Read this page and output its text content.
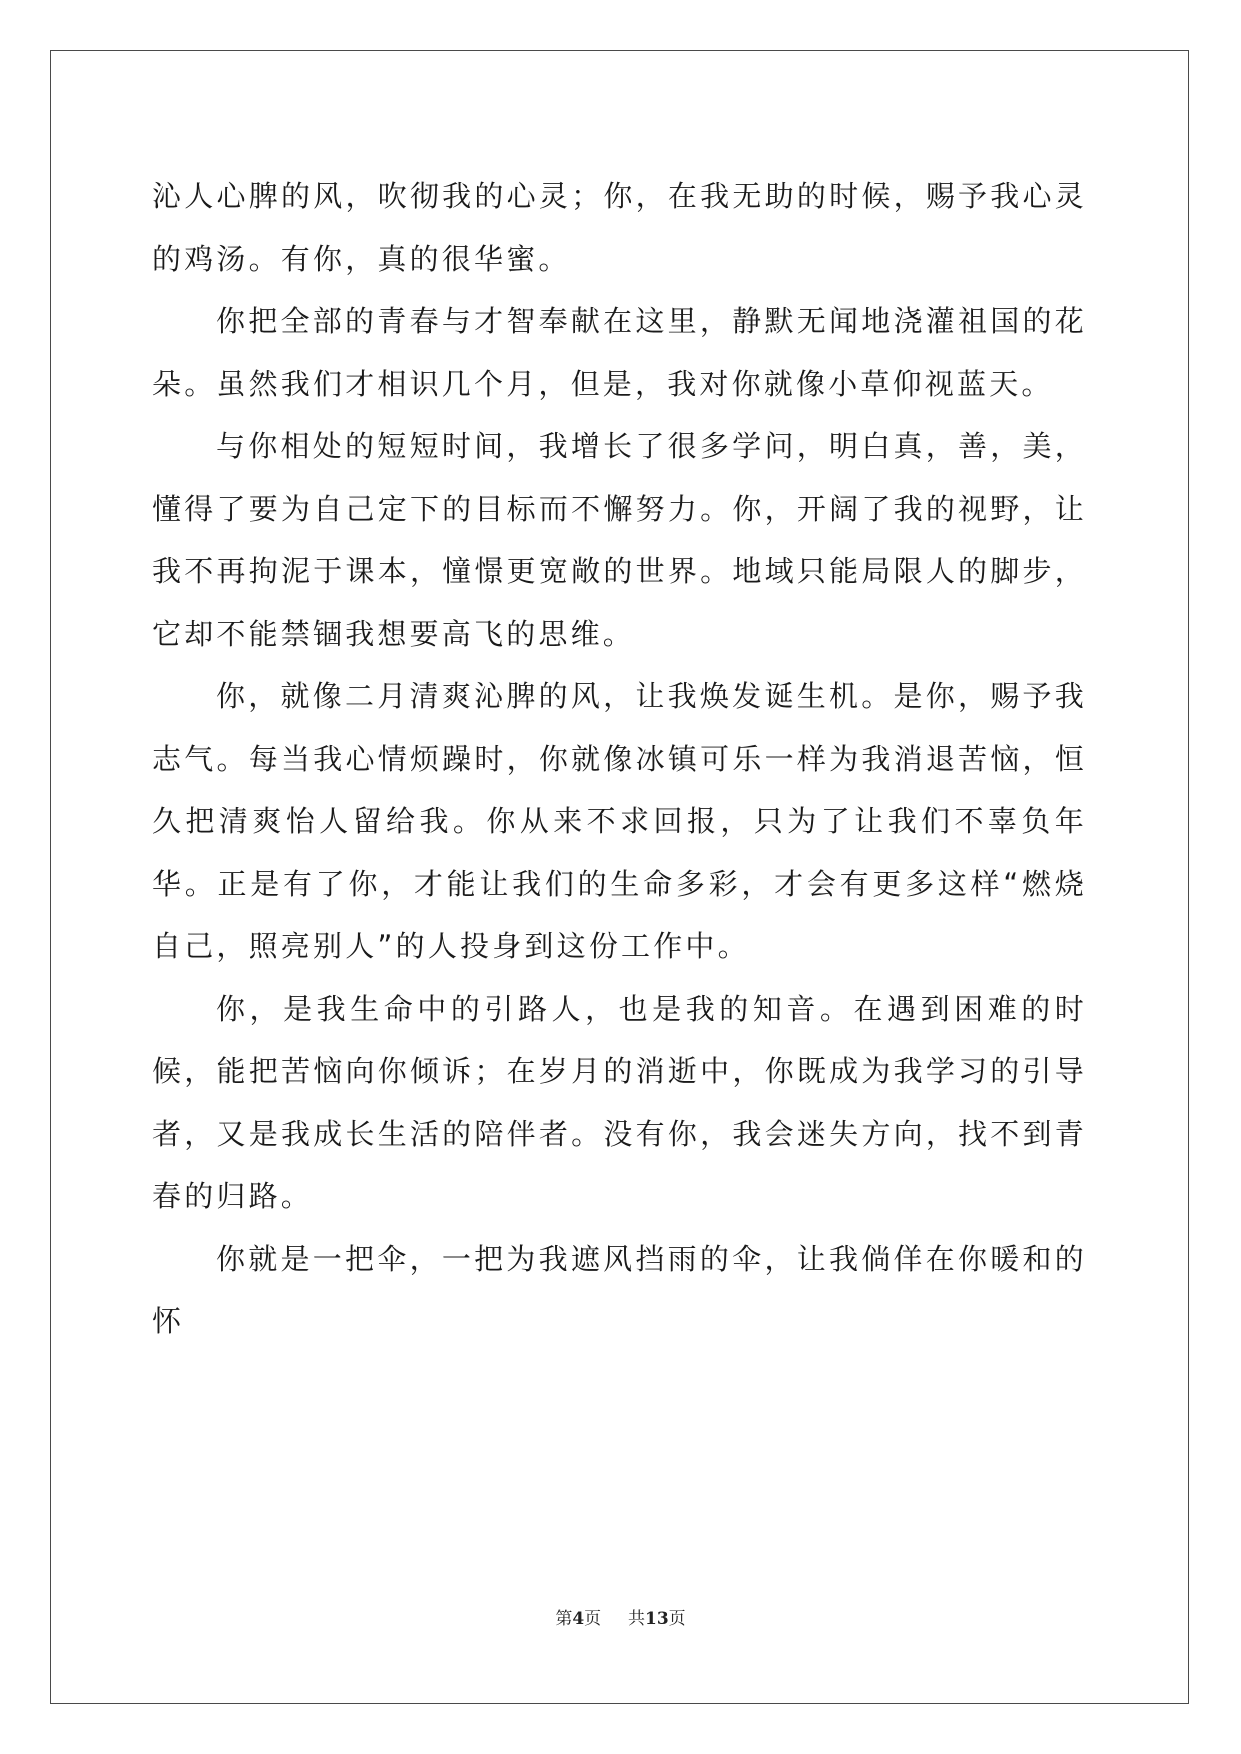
沁人心脾的风，吹彻我的心灵；你，在我无助的时候，赐予我心灵的鸡汤。有你，真的很华蜜。

你把全部的青春与才智奉献在这里，静默无闻地浇灌祖国的花朵。虽然我们才相识几个月，但是，我对你就像小草仰视蓝天。

与你相处的短短时间，我增长了很多学问，明白真，善，美，懂得了要为自己定下的目标而不懈努力。你，开阔了我的视野，让我不再拘泥于课本，憧憬更宽敞的世界。地域只能局限人的脚步，它却不能禁锢我想要高飞的思维。

你，就像二月清爽沁脾的风，让我焕发诞生机。是你，赐予我志气。每当我心情烦躁时，你就像冰镇可乐一样为我消退苦恼，恒久把清爽怡人留给我。你从来不求回报，只为了让我们不辜负年华。正是有了你，才能让我们的生命多彩，才会有更多这样“燃烧自己，照亮别人”的人投身到这份工作中。

你，是我生命中的引路人，也是我的知音。在遇到困难的时候，能把苦恼向你倾诉；在岁月的消逝中，你既成为我学习的引导者，又是我成长生活的陪伴者。没有你，我会迷失方向，找不到青春的归路。

你就是一把伞，一把为我遮风挡雨的伞，让我倘佯在你暖和的怀

第4页 共13页
